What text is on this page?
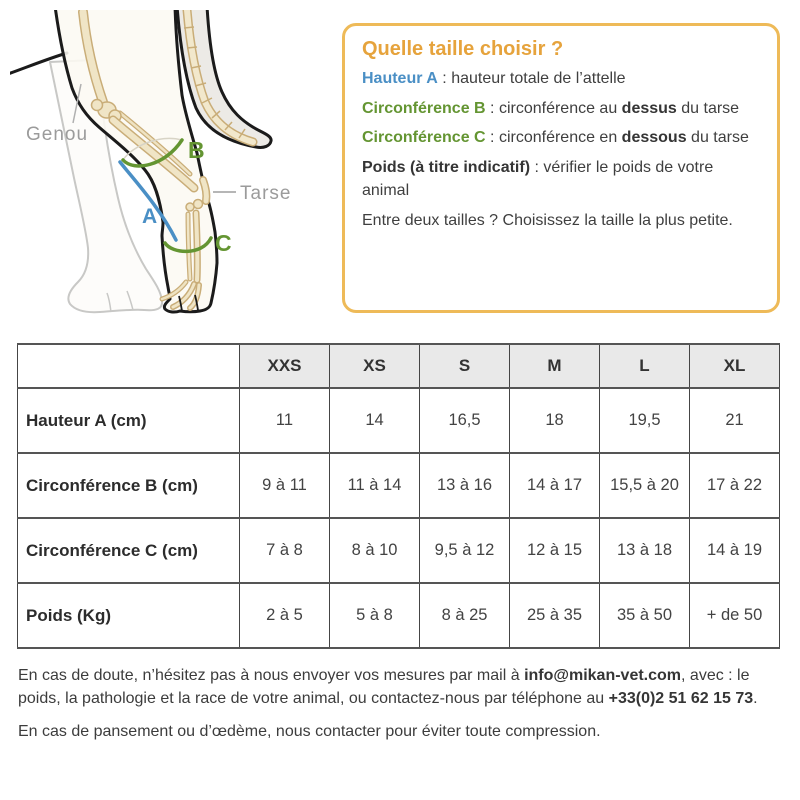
Genou
Tarse
B
C
A
Quelle taille choisir ?

Hauteur A : hauteur totale de l’attelle

Circonférence B : circonférence au dessus du tarse

Circonférence C : circonférence en dessous du tarse

Poids (à titre indicatif) : vérifier le poids de votre animal

Entre deux tailles ? Choisissez la taille la plus petite.

	XXS	XS	S	M	L	XL
Hauteur A (cm)	11	14	16,5	18	19,5	21
Circonférence B (cm)	9 à 11	11 à 14	13 à 16	14 à 17	15,5 à 20	17 à 22
Circonférence C (cm)	7 à 8	8 à 10	9,5 à 12	12 à 15	13 à 18	14 à 19
Poids (Kg)	2 à 5	5 à 8	8 à 25	25 à 35	35 à 50	+ de 50

En cas de doute, n’hésitez pas à nous envoyer vos mesures par mail à info@mikan-vet.com, avec : le poids, la pathologie et la race de votre animal, ou contactez-nous par téléphone au +33(0)2 51 62 15 73.

En cas de pansement ou d’œdème, nous contacter pour éviter toute compression.
